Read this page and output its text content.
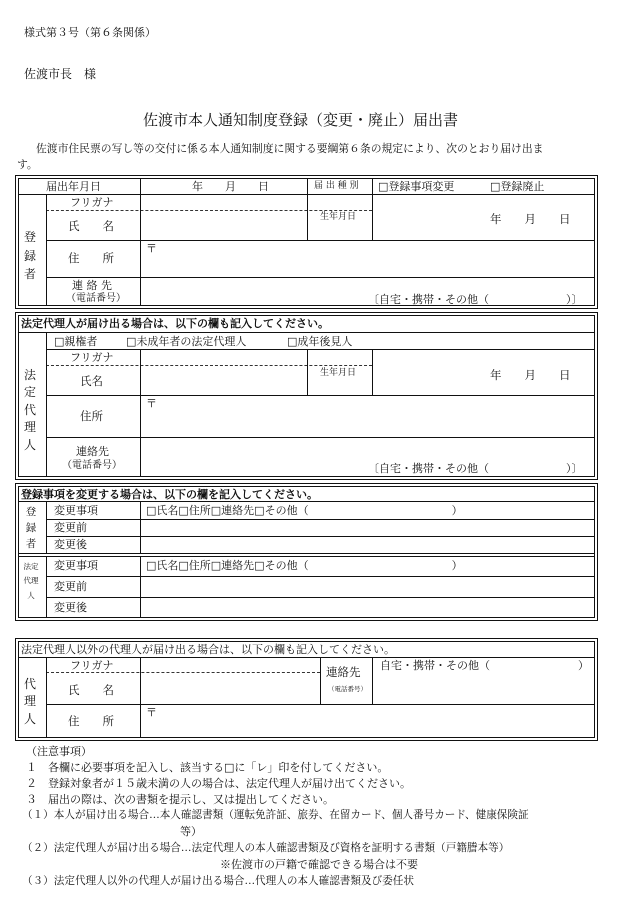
様式第３号（第６条関係）
佐渡市長　様
佐渡市本人通知制度登録（変更・廃止）届出書
佐渡市住民票の写し等の交付に係る本人通知制度に関する要綱第６条の規定により、次のとおり届け出ま
す。
届出年月日	年　　月　　日	届 出 種 別 □登録事項変更	□登録廃止
登
録
者
フリガナ
氏　　名
生年月日	年　　月　　日
住　　所
〒
連 絡 先
（電話番号）	〔自宅・携帯・その他（　　　　　　　）〕
法定代理人が届け出る場合は、以下の欄も記入してください。
□親権者	□未成年者の法定代理人	□成年後見人
法
定
代
理
人
フリガナ
氏名
生年月日	年　　月　　日
住所
〒
連絡先
（電話番号）	〔自宅・携帯・その他（　　　　　　　）〕
登録事項を変更する場合は、以下の欄を記入してください。
登
録
者
変更事項	□氏名□住所□連絡先□その他（　　　　　　　　　　　　　）
変更前
変更後
法定
代理
人
変更事項	□氏名□住所□連絡先□その他（　　　　　　　　　　　　　）
変更前
変更後
法定代理人以外の代理人が届け出る場合は、以下の欄も記入してください。
代
理
人
フリガナ
氏　　名
連絡先
（電話番号）
自宅・携帯・その他（　　　　　　　　）
住　　所
〒
（注意事項）
１　各欄に必要事項を記入し、該当する□に「レ」印を付してください。
２　登録対象者が１５歳未満の人の場合は、法定代理人が届け出てください。
３　届出の際は、次の書類を提示し、又は提出してください。
（１）本人が届け出る場合…本人確認書類（運転免許証、旅券、在留カード、個人番号カード、健康保険証
等）
（２）法定代理人が届け出る場合…法定代理人の本人確認書類及び資格を証明する書類（戸籍謄本等）
※佐渡市の戸籍で確認できる場合は不要
（３）法定代理人以外の代理人が届け出る場合…代理人の本人確認書類及び委任状
